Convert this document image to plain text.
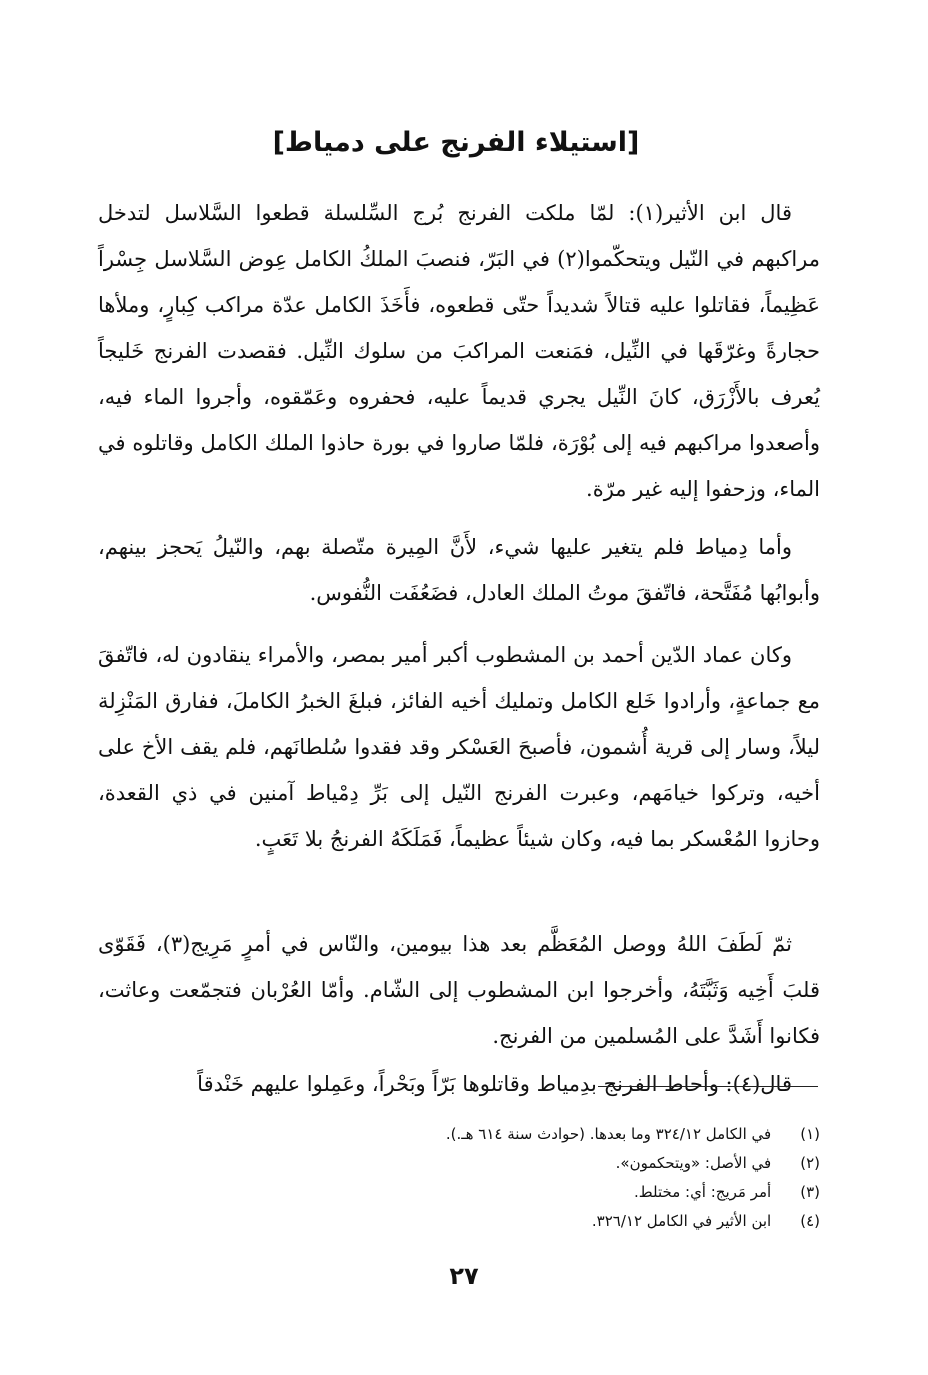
[استيلاء الفرنج على دمياط]

قال ابن الأثير(١): لمّا ملكت الفرنج بُرج السِّلسلة قطعوا السَّلاسل لتدخل مراكبهم في النّيل ويتحكّموا(٢) في البَرّ، فنصبَ الملكُ الكامل عِوض السَّلاسل جِسْراً عَظِيماً، فقاتلوا عليه قتالاً شديداً حتّى قطعوه، فأَخَذَ الكامل عدّة مراكب كِبارٍ، وملأها حجارةً وغرّقَها في النِّيل، فمَنعت المراكبَ من سلوك النِّيل. فقصدت الفرنج خَليجاً يُعرف بالأَزْرَق، كانَ النِّيل يجري قديماً عليه، فحفروه وعَمّقوه، وأجروا الماء فيه، وأصعدوا مراكبهم فيه إلى بُوْرَة، فلمّا صاروا في بورة حاذوا الملك الكامل وقاتلوه في الماء، وزحفوا إليه غير مرّة.

وأما دِمياط فلم يتغير عليها شيء، لأَنَّ المِيرة متّصلة بهم، والنّيلُ يَحجز بينهم، وأبوابُها مُفَتَّحة، فاتّفقَ موتُ الملك العادل، فضَعُفَت النُّفوس.

وكان عماد الدّين أحمد بن المشطوب أكبر أمير بمصر، والأمراء ينقادون له، فاتّفقَ مع جماعةٍ، وأرادوا خَلع الكامل وتمليك أخيه الفائز، فبلغَ الخبرُ الكاملَ، ففارق المَنْزِلة ليلاً، وسار إلى قرية أُشمون، فأصبحَ العَسْكر وقد فقدوا سُلطانَهم، فلم يقف الأخ على أخيه، وتركوا خيامَهم، وعبرت الفرنج النّيل إلى بَرِّ دِمْياط آمنين في ذي القعدة، وحازوا المُعْسكر بما فيه، وكان شيئاً عظيماً، فَمَلَكَهُ الفرنجُ بلا تَعَبٍ.

ثمّ لَطَفَ اللهُ ووصل المُعَظَّم بعد هذا بيومين، والنّاس في أمرٍ مَرِيج(٣)، فَقَوّى قلبَ أَخِيه وَثَبَّتَهُ، وأخرجوا ابن المشطوب إلى الشّام. وأمّا العُرْبان فتجمّعت وعاثت، فكانوا أَشَدَّ على المُسلمين من الفرنج.

قال(٤): وأحاط الفرنج بدِمياط وقاتلوها بَرّاً وبَحْراً، وعَمِلوا عليهم خَنْدقاً

(١) في الكامل ٣٢٤/١٢ وما بعدها. (حوادث سنة ٦١٤ هـ.).
(٢) في الأصل: «ويتحكمون».
(٣) أمر مَريج: أي: مختلط.
(٤) ابن الأثير في الكامل ٣٢٦/١٢.
٢٧
